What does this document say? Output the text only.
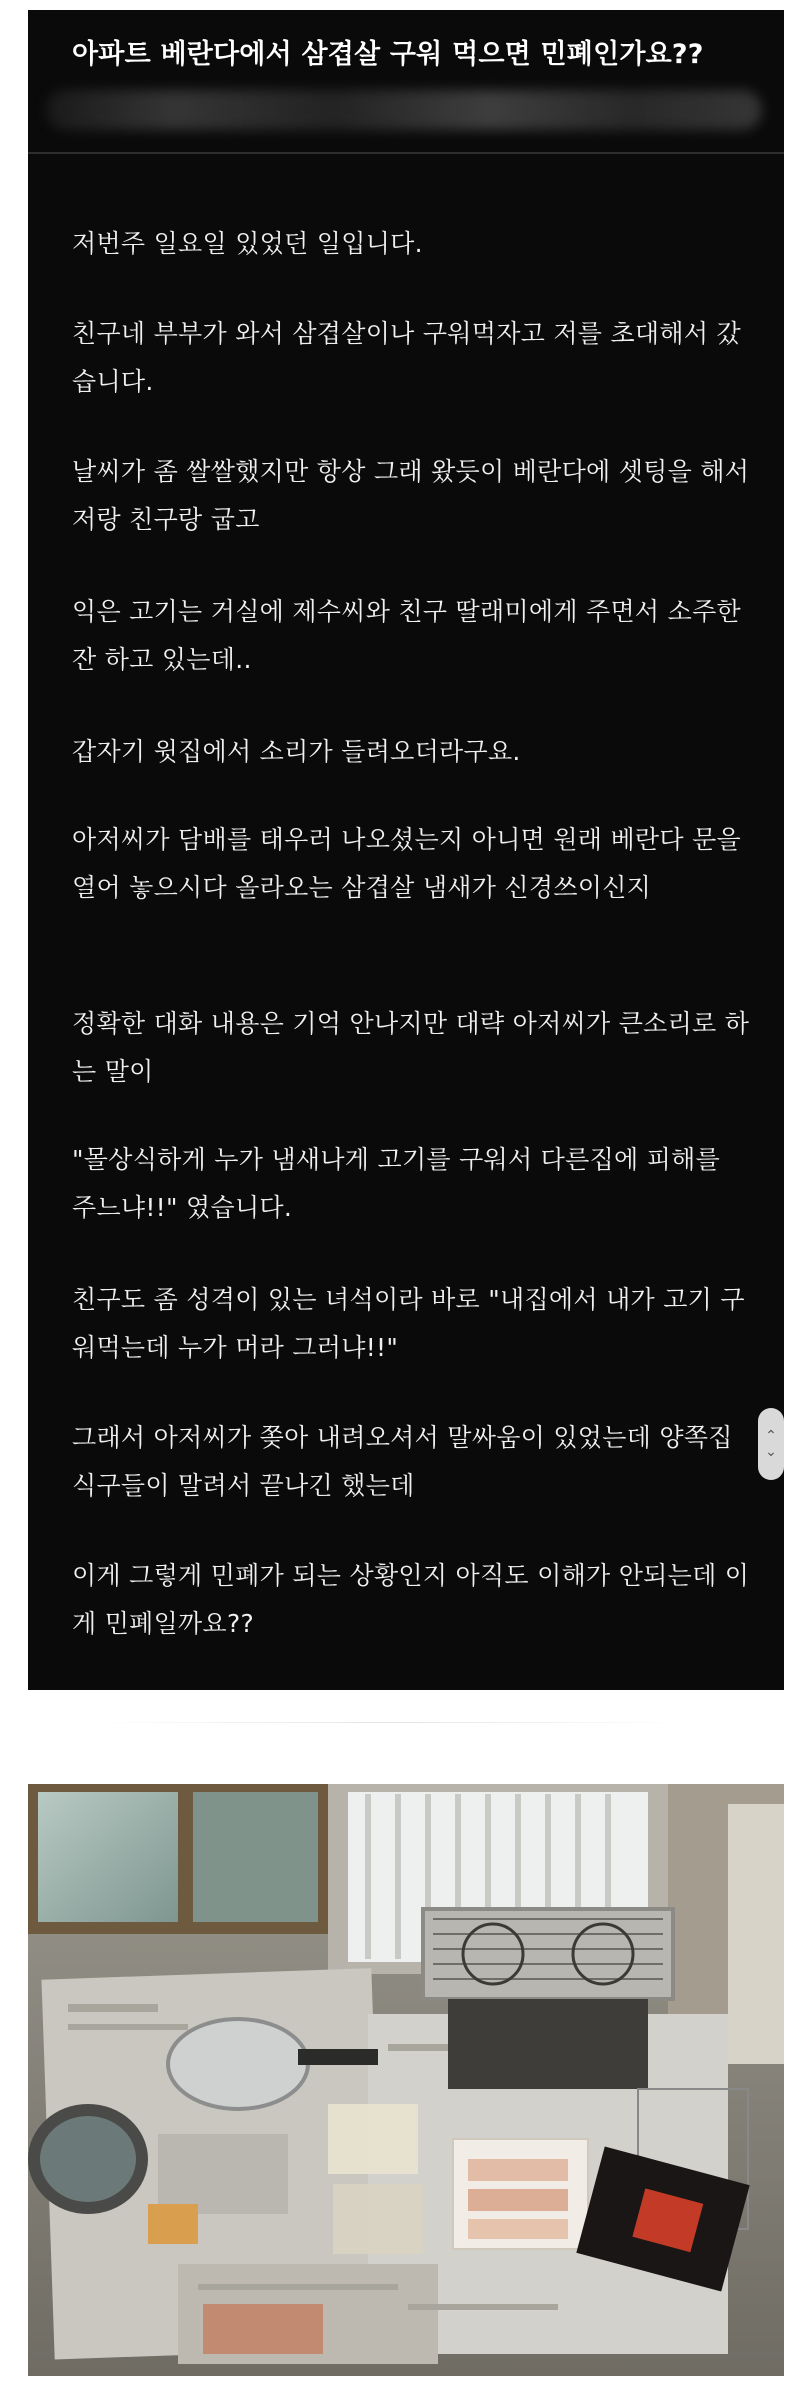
아파트 베란다에서 삼겹살 구워 먹으면 민폐인가요??

저번주 일요일 있었던 일입니다.

친구네 부부가 와서 삼겹살이나 구워먹자고 저를 초대해서 갔습니다.

날씨가 좀 쌀쌀했지만 항상 그래 왔듯이 베란다에 셋팅을 해서 저랑 친구랑 굽고

익은 고기는 거실에 제수씨와 친구 딸래미에게 주면서 소주한잔 하고 있는데..

갑자기 윗집에서 소리가 들려오더라구요.

아저씨가 담배를 태우러 나오셨는지 아니면 원래 베란다 문을 열어 놓으시다 올라오는 삼겹살 냄새가 신경쓰이신지

정확한 대화 내용은 기억 안나지만 대략 아저씨가 큰소리로 하는 말이

"몰상식하게 누가 냄새나게 고기를 구워서 다른집에 피해를 주느냐!!" 였습니다.

친구도 좀 성격이 있는 녀석이라 바로 "내집에서 내가 고기 구워먹는데 누가 머라 그러냐!!"

그래서 아저씨가 쫒아 내려오셔서 말싸움이 있었는데 양쪽집 식구들이 말려서 끝나긴 했는데

이게 그렇게 민폐가 되는 상황인지 아직도 이해가 안되는데 이게 민폐일까요??

⌃
⌄
